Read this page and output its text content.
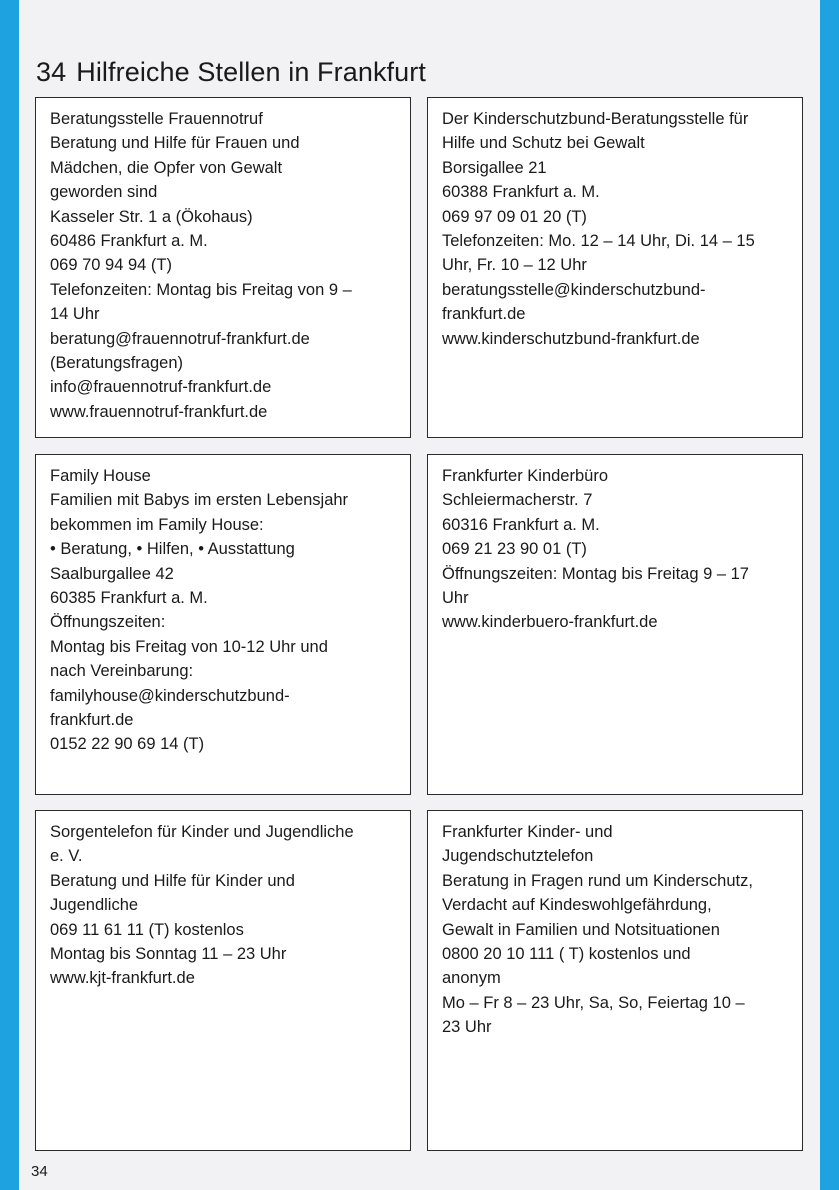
34 Hilfreiche Stellen in Frankfurt
Beratungsstelle Frauennotruf
Beratung und Hilfe für Frauen und
Mädchen, die Opfer von Gewalt
geworden sind
Kasseler Str. 1 a (Ökohaus)
60486 Frankfurt a. M.
069 70 94 94 (T)
Telefonzeiten: Montag bis Freitag von 9 –
14 Uhr
beratung@frauennotruf-frankfurt.de
(Beratungsfragen)
info@frauennotruf-frankfurt.de
www.frauennotruf-frankfurt.de
Der Kinderschutzbund-Beratungsstelle für
Hilfe und Schutz bei Gewalt
Borsigallee 21
60388 Frankfurt a. M.
069 97 09 01 20 (T)
Telefonzeiten: Mo. 12 – 14 Uhr, Di. 14 – 15
Uhr, Fr. 10 – 12 Uhr
beratungsstelle@kinderschutzbund-
frankfurt.de
www.kinderschutzbund-frankfurt.de
Family House
Familien mit Babys im ersten Lebensjahr
bekommen im Family House:
• Beratung, • Hilfen, • Ausstattung
Saalburgallee 42
60385 Frankfurt a. M.
Öffnungszeiten:
Montag bis Freitag von 10-12 Uhr und
nach Vereinbarung:
familyhouse@kinderschutzbund-
frankfurt.de
0152 22 90 69 14 (T)
Frankfurter Kinderbüro
Schleiermacherstr. 7
60316 Frankfurt a. M.
069 21 23 90 01 (T)
Öffnungszeiten: Montag bis Freitag 9 – 17
Uhr
www.kinderbuero-frankfurt.de
Sorgentelefon für Kinder und Jugendliche
e. V.
Beratung und Hilfe für Kinder und
Jugendliche
069 11 61 11 (T) kostenlos
Montag bis Sonntag 11 – 23 Uhr
www.kjt-frankfurt.de
Frankfurter Kinder- und
Jugendschutztelefon
Beratung in Fragen rund um Kinderschutz,
Verdacht auf Kindeswohlgefährdung,
Gewalt in Familien und Notsituationen
0800 20 10 111 ( T) kostenlos und
anonym
Mo – Fr 8 – 23 Uhr, Sa, So, Feiertag 10 –
23 Uhr
34
